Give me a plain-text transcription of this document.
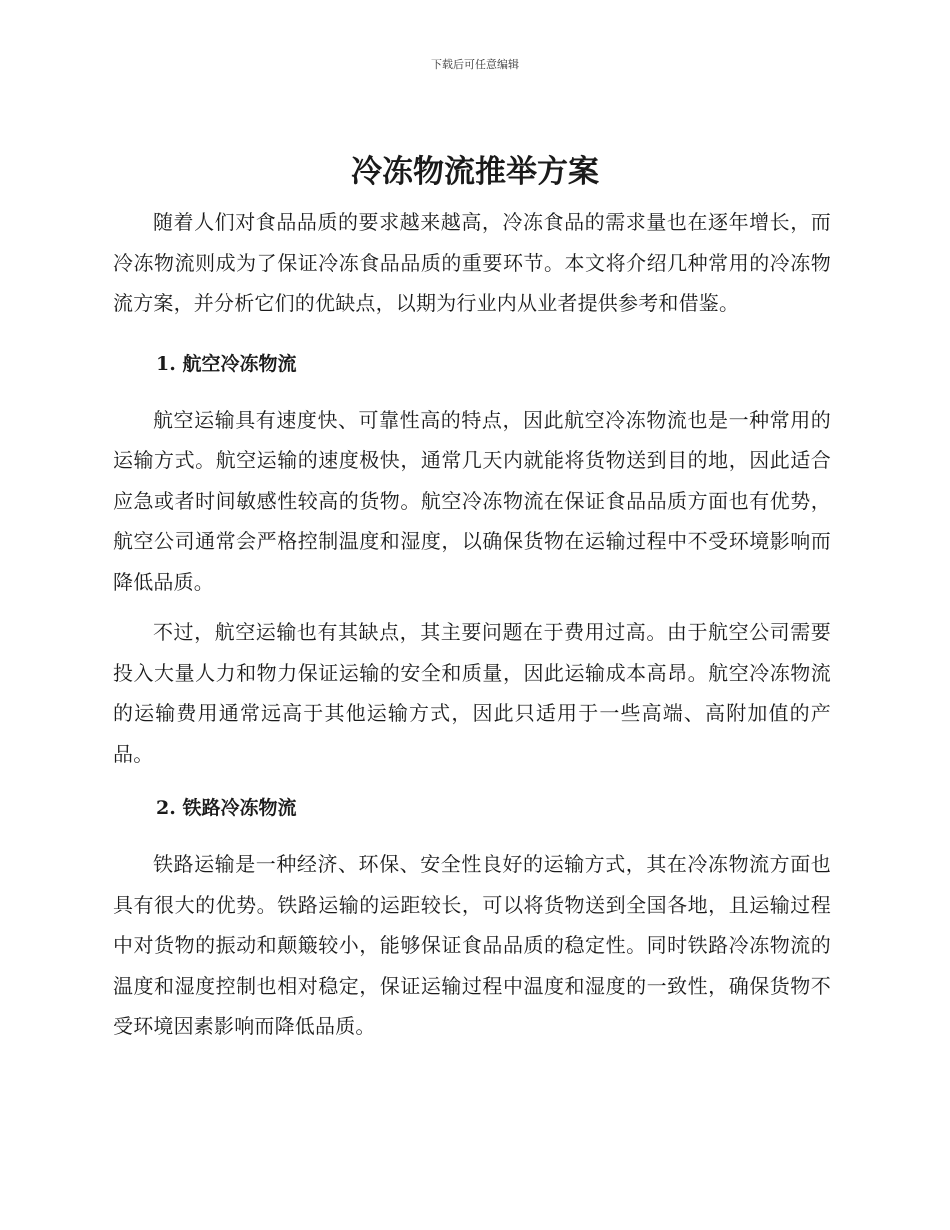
下载后可任意编辑
冷冻物流推举方案

随着人们对食品品质的要求越来越高，冷冻食品的需求量也在逐年增长，而冷冻物流则成为了保证冷冻食品品质的重要环节。本文将介绍几种常用的冷冻物流方案，并分析它们的优缺点，以期为行业内从业者提供参考和借鉴。

1. 航空冷冻物流

航空运输具有速度快、可靠性高的特点，因此航空冷冻物流也是一种常用的运输方式。航空运输的速度极快，通常几天内就能将货物送到目的地，因此适合应急或者时间敏感性较高的货物。航空冷冻物流在保证食品品质方面也有优势，航空公司通常会严格控制温度和湿度，以确保货物在运输过程中不受环境影响而降低品质。

不过，航空运输也有其缺点，其主要问题在于费用过高。由于航空公司需要投入大量人力和物力保证运输的安全和质量，因此运输成本高昂。航空冷冻物流的运输费用通常远高于其他运输方式，因此只适用于一些高端、高附加值的产品。

2. 铁路冷冻物流

铁路运输是一种经济、环保、安全性良好的运输方式，其在冷冻物流方面也具有很大的优势。铁路运输的运距较长，可以将货物送到全国各地，且运输过程中对货物的振动和颠簸较小，能够保证食品品质的稳定性。同时铁路冷冻物流的温度和湿度控制也相对稳定，保证运输过程中温度和湿度的一致性，确保货物不受环境因素影响而降低品质。
